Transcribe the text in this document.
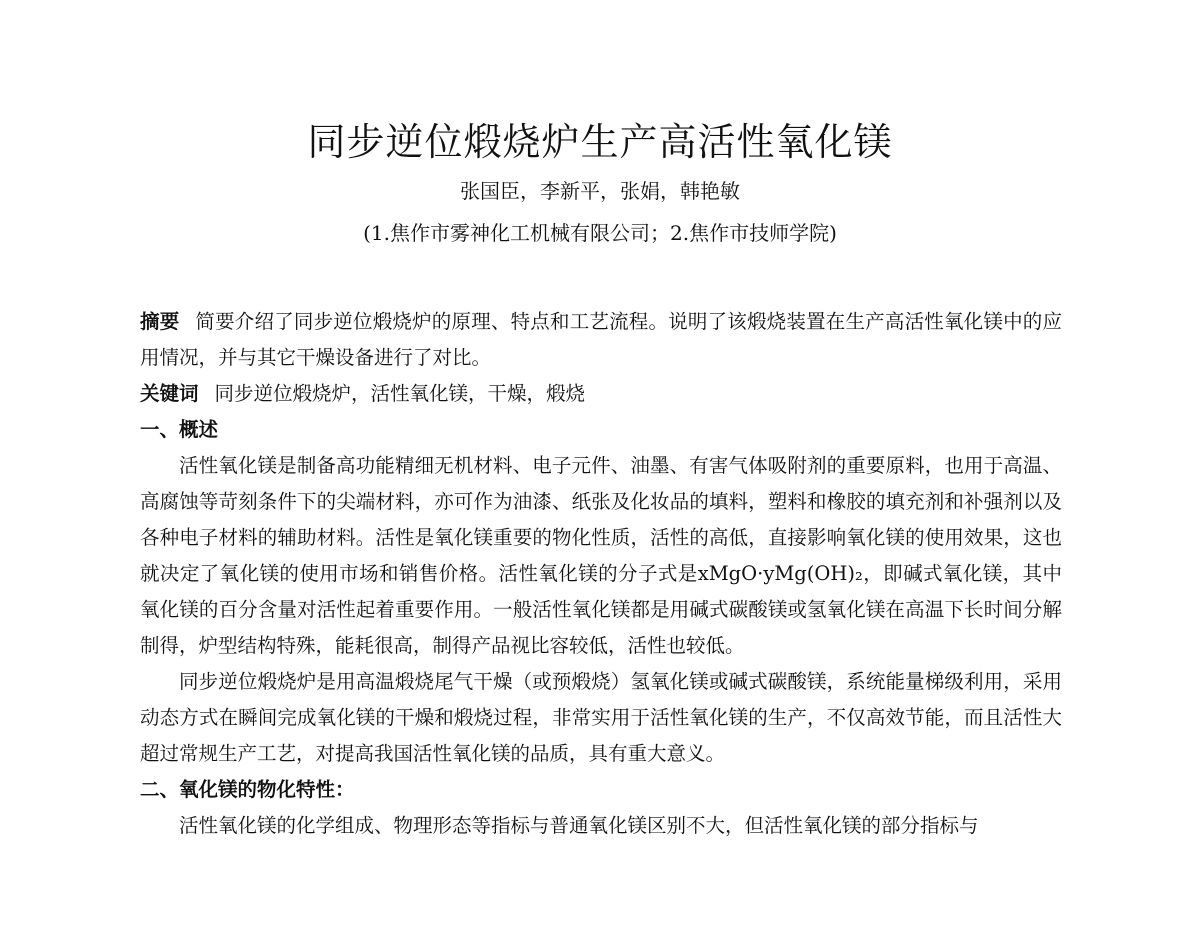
同步逆位煅烧炉生产高活性氧化镁
张国臣，李新平，张娟，韩艳敏
(1.焦作市雾神化工机械有限公司；2.焦作市技师学院)

摘要 简要介绍了同步逆位煅烧炉的原理、特点和工艺流程。说明了该煅烧装置在生产高活性氧化镁中的应用情况，并与其它干燥设备进行了对比。

关键词 同步逆位煅烧炉，活性氧化镁，干燥，煅烧

一、概述

活性氧化镁是制备高功能精细无机材料、电子元件、油墨、有害气体吸附剂的重要原料，也用于高温、高腐蚀等苛刻条件下的尖端材料，亦可作为油漆、纸张及化妆品的填料，塑料和橡胶的填充剂和补强剂以及各种电子材料的辅助材料。活性是氧化镁重要的物化性质，活性的高低，直接影响氧化镁的使用效果，这也就决定了氧化镁的使用市场和销售价格。活性氧化镁的分子式是xMgO·yMg(OH)₂，即碱式氧化镁，其中氧化镁的百分含量对活性起着重要作用。一般活性氧化镁都是用碱式碳酸镁或氢氧化镁在高温下长时间分解制得，炉型结构特殊，能耗很高，制得产品视比容较低，活性也较低。

同步逆位煅烧炉是用高温煅烧尾气干燥（或预煅烧）氢氧化镁或碱式碳酸镁，系统能量梯级利用，采用动态方式在瞬间完成氧化镁的干燥和煅烧过程，非常实用于活性氧化镁的生产，不仅高效节能，而且活性大超过常规生产工艺，对提高我国活性氧化镁的品质，具有重大意义。

二、氧化镁的物化特性：

活性氧化镁的化学组成、物理形态等指标与普通氧化镁区别不大，但活性氧化镁的部分指标与
